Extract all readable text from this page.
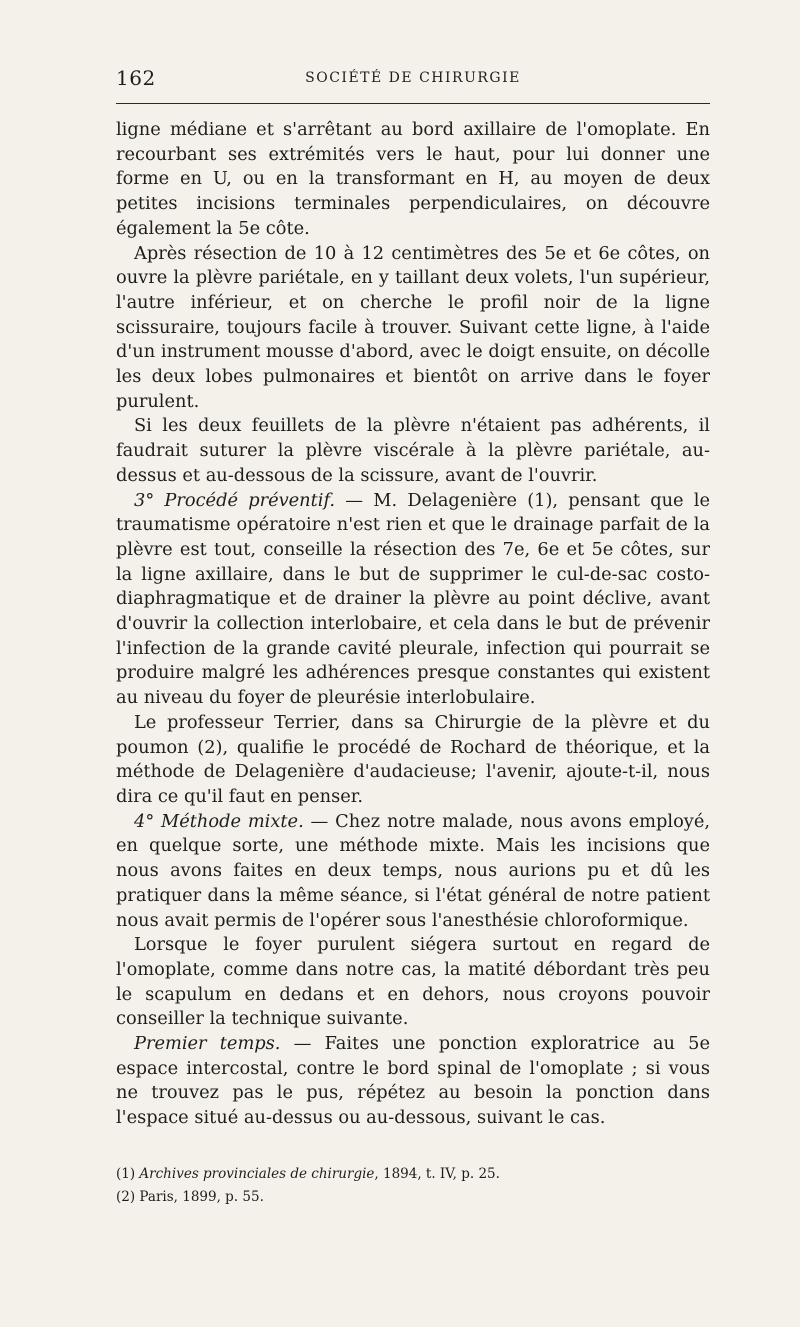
162	SOCIÉTÉ DE CHIRURGIE

ligne médiane et s'arrêtant au bord axillaire de l'omoplate. En recourbant ses extrémités vers le haut, pour lui donner une forme en U, ou en la transformant en H, au moyen de deux petites incisions terminales perpendiculaires, on découvre également la 5e côte.

Après résection de 10 à 12 centimètres des 5e et 6e côtes, on ouvre la plèvre pariétale, en y taillant deux volets, l'un supérieur, l'autre inférieur, et on cherche le profil noir de la ligne scissuraire, toujours facile à trouver. Suivant cette ligne, à l'aide d'un instrument mousse d'abord, avec le doigt ensuite, on décolle les deux lobes pulmonaires et bientôt on arrive dans le foyer purulent.

Si les deux feuillets de la plèvre n'étaient pas adhérents, il faudrait suturer la plèvre viscérale à la plèvre pariétale, au-dessus et au-dessous de la scissure, avant de l'ouvrir.

3° Procédé préventif. — M. Delagenière (1), pensant que le traumatisme opératoire n'est rien et que le drainage parfait de la plèvre est tout, conseille la résection des 7e, 6e et 5e côtes, sur la ligne axillaire, dans le but de supprimer le cul-de-sac costo-diaphragmatique et de drainer la plèvre au point déclive, avant d'ouvrir la collection interlobaire, et cela dans le but de prévenir l'infection de la grande cavité pleurale, infection qui pourrait se produire malgré les adhérences presque constantes qui existent au niveau du foyer de pleurésie interlobulaire.

Le professeur Terrier, dans sa Chirurgie de la plèvre et du poumon (2), qualifie le procédé de Rochard de théorique, et la méthode de Delagenière d'audacieuse; l'avenir, ajoute-t-il, nous dira ce qu'il faut en penser.

4° Méthode mixte. — Chez notre malade, nous avons employé, en quelque sorte, une méthode mixte. Mais les incisions que nous avons faites en deux temps, nous aurions pu et dû les pratiquer dans la même séance, si l'état général de notre patient nous avait permis de l'opérer sous l'anesthésie chloroformique.

Lorsque le foyer purulent siégera surtout en regard de l'omoplate, comme dans notre cas, la matité débordant très peu le scapulum en dedans et en dehors, nous croyons pouvoir conseiller la technique suivante.

Premier temps. — Faites une ponction exploratrice au 5e espace intercostal, contre le bord spinal de l'omoplate ; si vous ne trouvez pas le pus, répétez au besoin la ponction dans l'espace situé au-dessus ou au-dessous, suivant le cas.

(1) Archives provinciales de chirurgie, 1894, t. IV, p. 25.

(2) Paris, 1899, p. 55.
